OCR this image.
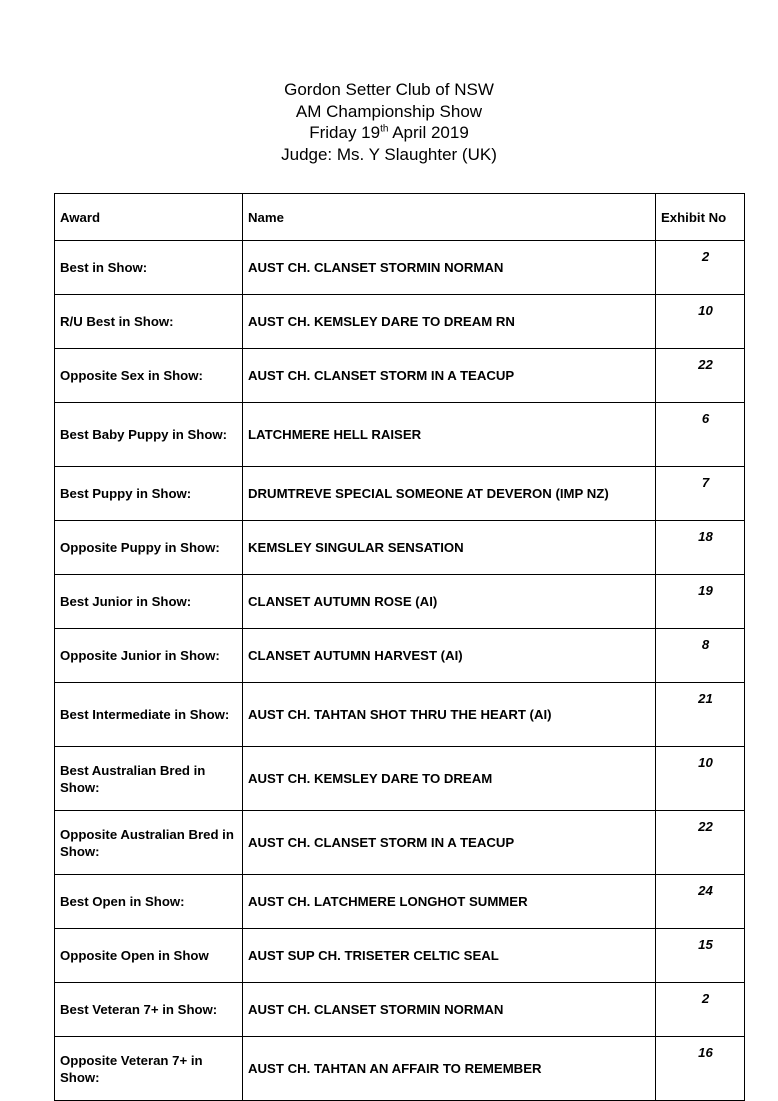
Gordon Setter Club of NSW
AM Championship Show
Friday 19th April 2019
Judge: Ms. Y Slaughter (UK)
Award	Name	Exhibit No
Best in Show:	AUST CH. CLANSET STORMIN NORMAN	2
R/U Best in Show:	AUST CH. KEMSLEY DARE TO DREAM RN	10
Opposite Sex in Show:	AUST CH. CLANSET STORM IN A TEACUP	22
Best Baby Puppy in Show:	LATCHMERE HELL RAISER	6
Best Puppy in Show:	DRUMTREVE SPECIAL SOMEONE AT DEVERON (IMP NZ)	7
Opposite Puppy in Show:	KEMSLEY SINGULAR SENSATION	18
Best Junior in Show:	CLANSET AUTUMN ROSE (AI)	19
Opposite Junior in Show:	CLANSET AUTUMN HARVEST (AI)	8
Best Intermediate in Show:	AUST CH. TAHTAN SHOT THRU THE HEART (AI)	21
Best Australian Bred in Show:	AUST CH. KEMSLEY DARE TO DREAM	10
Opposite Australian Bred in Show:	AUST CH. CLANSET STORM IN A TEACUP	22
Best Open in Show:	AUST CH. LATCHMERE LONGHOT SUMMER	24
Opposite Open in Show	AUST SUP CH. TRISETER CELTIC SEAL	15
Best Veteran 7+ in Show:	AUST CH. CLANSET STORMIN NORMAN	2
Opposite Veteran 7+ in Show:	AUST CH. TAHTAN AN AFFAIR TO REMEMBER	16
